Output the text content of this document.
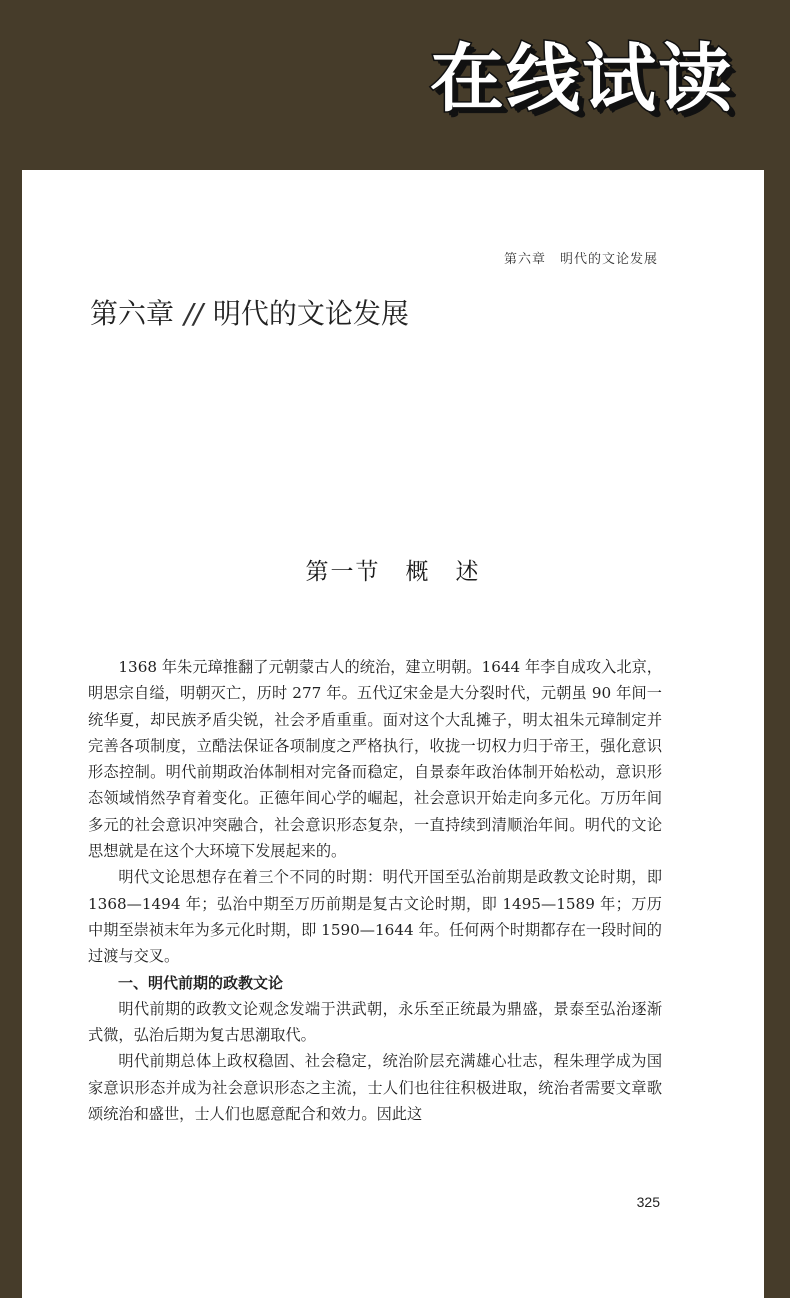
在线试读
第六章　明代的文论发展
第六章 // 明代的文论发展
第一节　概　述

1368 年朱元璋推翻了元朝蒙古人的统治，建立明朝。1644 年李自成攻入北京，明思宗自缢，明朝灭亡，历时 277 年。五代辽宋金是大分裂时代，元朝虽 90 年间一统华夏，却民族矛盾尖锐，社会矛盾重重。面对这个大乱摊子，明太祖朱元璋制定并完善各项制度，立酷法保证各项制度之严格执行，收拢一切权力归于帝王，强化意识形态控制。明代前期政治体制相对完备而稳定，自景泰年政治体制开始松动，意识形态领域悄然孕育着变化。正德年间心学的崛起，社会意识开始走向多元化。万历年间多元的社会意识冲突融合，社会意识形态复杂，一直持续到清顺治年间。明代的文论思想就是在这个大环境下发展起来的。

明代文论思想存在着三个不同的时期：明代开国至弘治前期是政教文论时期，即 1368—1494 年；弘治中期至万历前期是复古文论时期，即 1495—1589 年；万历中期至崇祯末年为多元化时期，即 1590—1644 年。任何两个时期都存在一段时间的过渡与交叉。

一、明代前期的政教文论

明代前期的政教文论观念发端于洪武朝，永乐至正统最为鼎盛，景泰至弘治逐渐式微，弘治后期为复古思潮取代。

明代前期总体上政权稳固、社会稳定，统治阶层充满雄心壮志，程朱理学成为国家意识形态并成为社会意识形态之主流，士人们也往往积极进取，统治者需要文章歌颂统治和盛世，士人们也愿意配合和效力。因此这

325
